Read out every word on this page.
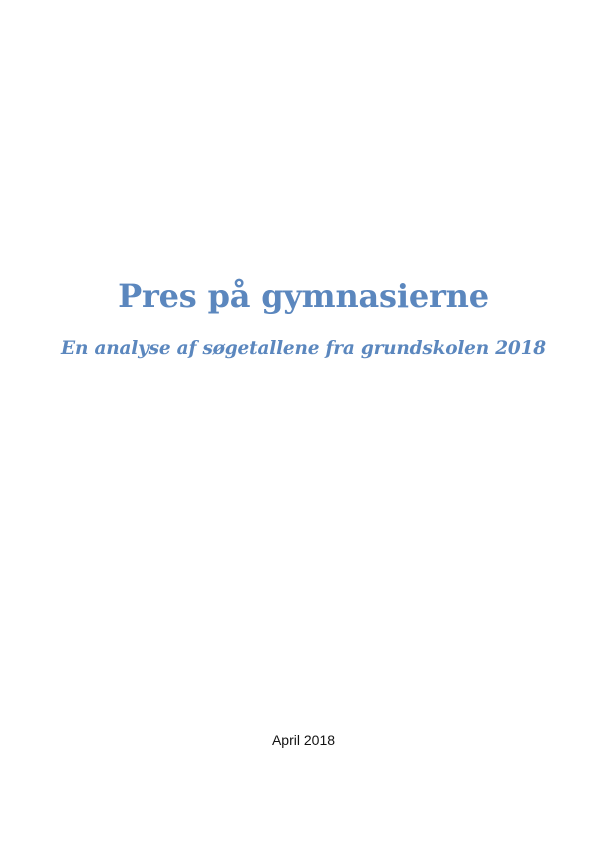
Pres på gymnasierne
En analyse af søgetallene fra grundskolen 2018
April 2018
